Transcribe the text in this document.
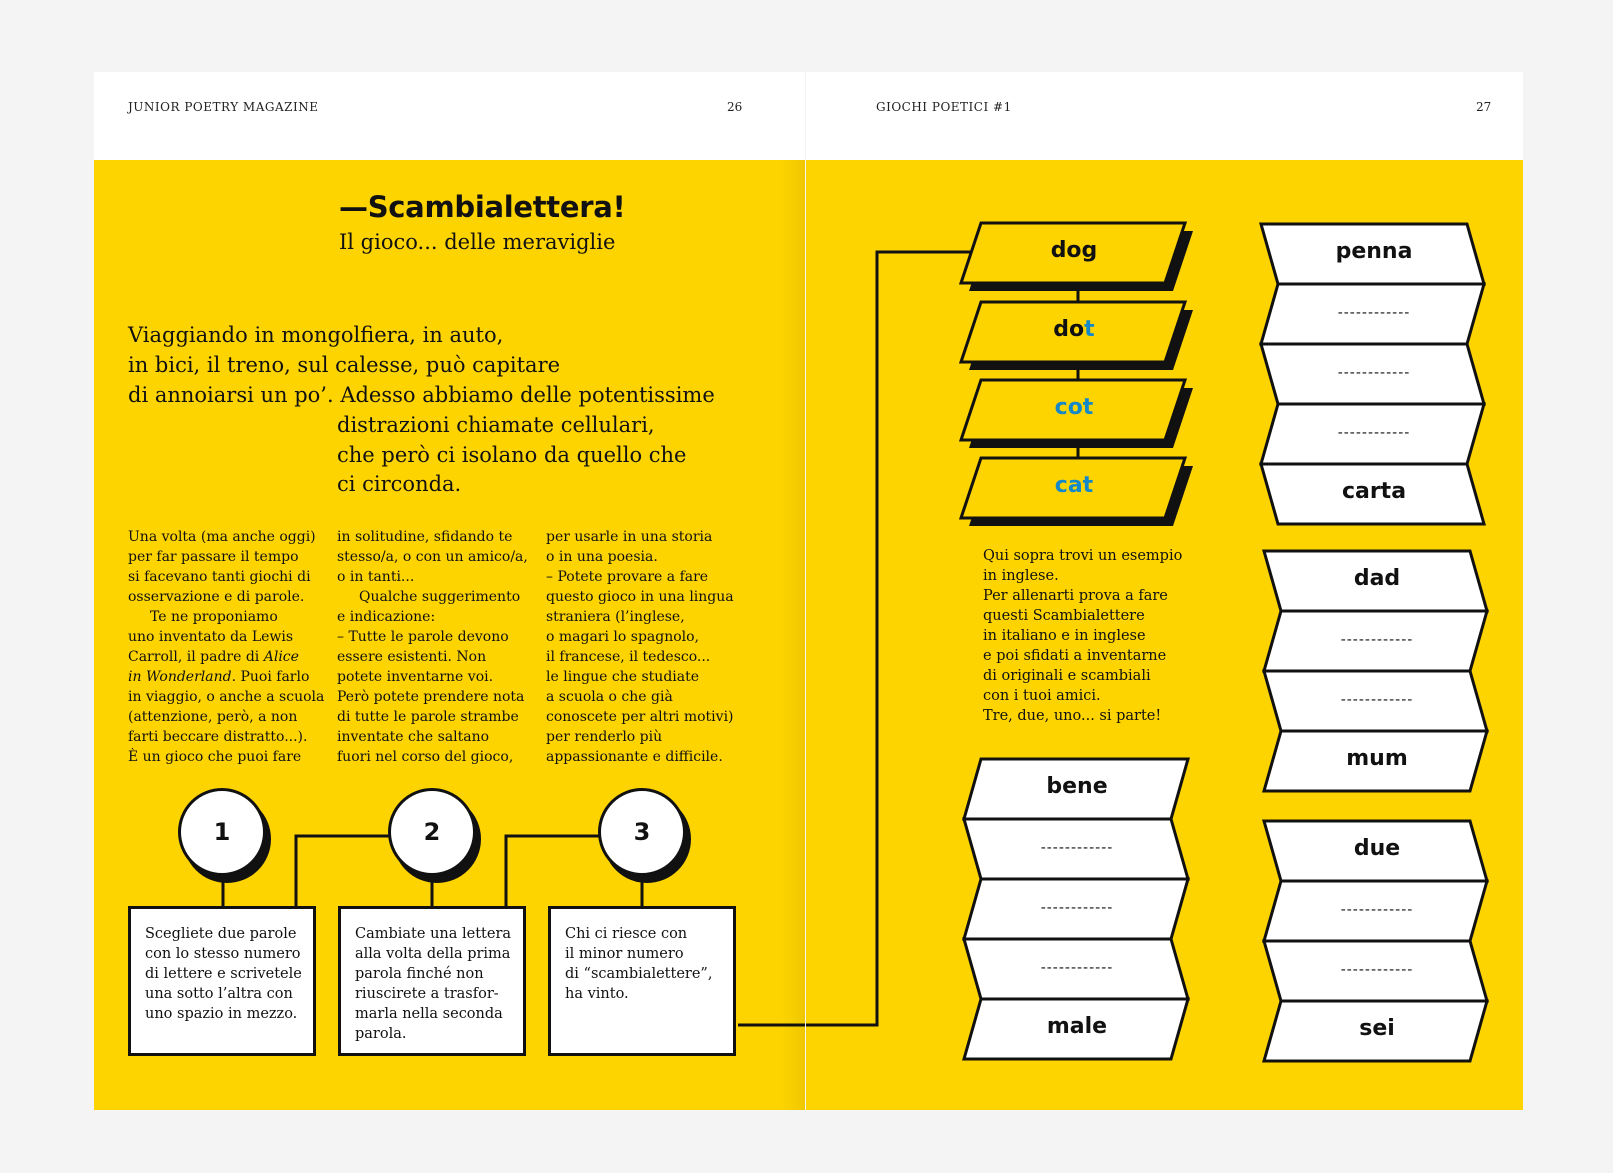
JUNIOR POETRY MAGAZINE	26
—Scambialettera!
Il gioco... delle meraviglie
Viaggiando in mongolfiera, in auto,
in bici, il treno, sul calesse, può capitare
di annoiarsi un po’. Adesso abbiamo delle potentissime
distrazioni chiamate cellulari,
che però ci isolano da quello che
ci circonda.

Una volta (ma anche oggi)

per far passare il tempo

si facevano tanti giochi di

osservazione e di parole.

Te ne proponiamo

uno inventato da Lewis

Carroll, il padre di Alice

in Wonderland. Puoi farlo

in viaggio, o anche a scuola

(attenzione, però, a non

farti beccare distratto...).

È un gioco che puoi fare

in solitudine, sfidando te

stesso/a, o con un amico/a,

o in tanti...

Qualche suggerimento

e indicazione:

– Tutte le parole devono

essere esistenti. Non

potete inventarne voi.

Però potete prendere nota

di tutte le parole strambe

inventate che saltano

fuori nel corso del gioco,

per usarle in una storia

o in una poesia.

– Potete provare a fare

questo gioco in una lingua

straniera (l’inglese,

o magari lo spagnolo,

il francese, il tedesco...

le lingue che studiate

a scuola o che già

conoscete per altri motivi)

per renderlo più

appassionante e difficile.

1	2	3

Scegliete due parole

con lo stesso numero

di lettere e scrivetele

una sotto l’altra con

uno spazio in mezzo.

Cambiate una lettera

alla volta della prima

parola finché non

riuscirete a trasfor-

marla nella seconda

parola.

Chi ci riesce con

il minor numero

di “scambialettere”,

ha vinto.

GIOCHI POETICI #1	27
dog
dot
cot
cat

Qui sopra trovi un esempio

in inglese.

Per allenarti prova a fare

questi Scambialettere

in italiano e in inglese

e poi sfidati a inventarne

di originali e scambiali

con i tuoi amici.

Tre, due, uno... si parte!

penna
------------
------------
------------
carta
dad
------------
------------
mum
bene
------------
------------
------------
male
due
------------
------------
sei
